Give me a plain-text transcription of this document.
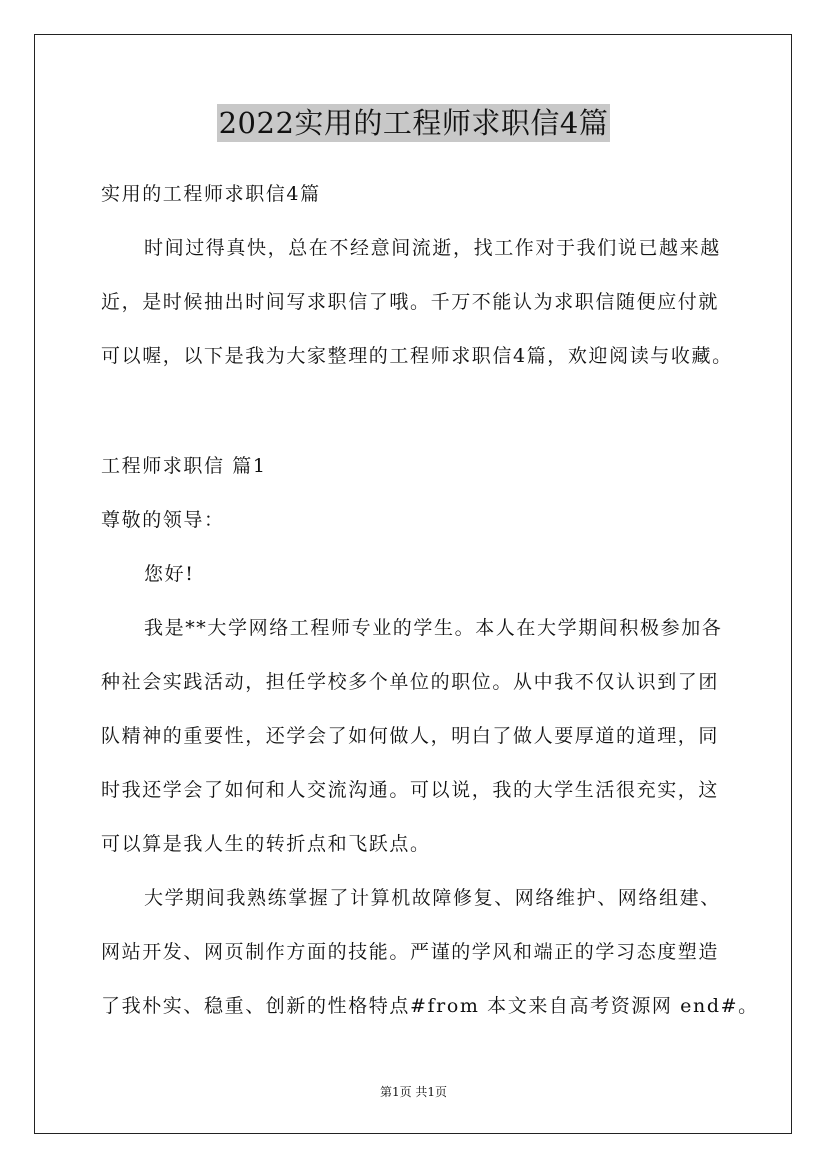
2022实用的工程师求职信4篇
实用的工程师求职信4篇
时间过得真快，总在不经意间流逝，找工作对于我们说已越来越
近，是时候抽出时间写求职信了哦。千万不能认为求职信随便应付就
可以喔，以下是我为大家整理的工程师求职信4篇，欢迎阅读与收藏。
工程师求职信 篇1
尊敬的领导：
您好!
我是**大学网络工程师专业的学生。本人在大学期间积极参加各
种社会实践活动，担任学校多个单位的职位。从中我不仅认识到了团
队精神的重要性，还学会了如何做人，明白了做人要厚道的道理，同
时我还学会了如何和人交流沟通。可以说，我的大学生活很充实，这
可以算是我人生的转折点和飞跃点。
大学期间我熟练掌握了计算机故障修复、网络维护、网络组建、
网站开发、网页制作方面的技能。严谨的学风和端正的学习态度塑造
了我朴实、稳重、创新的性格特点#from 本文来自高考资源网 end#。
第1页 共1页
